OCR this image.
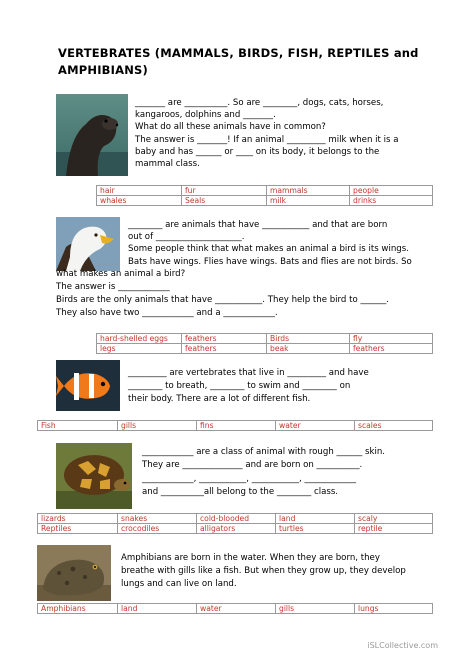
VERTEBRATES (MAMMALS, BIRDS, FISH, REPTILES and AMPHIBIANS)
_______ are __________. So are ________, dogs, cats, horses,
kangaroos, dolphins and _______.
What do all these animals have in common?
The answer is _______! If an animal _________ milk when it is a
baby and has ______ or ____ on its body, it belongs to the
mammal class.
hair	fur	mammals	people
whales	Seals	milk	drinks
________ are animals that have ___________ and that are born
out of ____________________.
Some people think that what makes an animal a bird is its wings.
Bats have wings. Flies have wings. Bats and flies are not birds. So
what makes an animal a bird?
The answer is ____________
Birds are the only animals that have ___________. They help the bird to ______.
They also have two ____________ and a ____________.
hard-shelled eggs	feathers	Birds	fly
legs	feathers	beak	feathers
_________ are vertebrates that live in _________ and have
________ to breath, ________ to swim and ________ on
their body. There are a lot of different fish.
Fish	gills	fins	water	scales
____________ are a class of animal with rough ______ skin.
They are ______________ and are born on __________.
____________, ___________, ___________, ____________
and __________all belong to the ________ class.
lizards	snakes	cold-blooded	land	scaly
Reptiles	crocodiles	alligators	turtles	reptile
Amphibians are born in the water. When they are born, they
breathe with gills like a fish. But when they grow up, they develop
lungs and can live on land.
Amphibians	land	water	gills	lungs
iSLCollective.com
